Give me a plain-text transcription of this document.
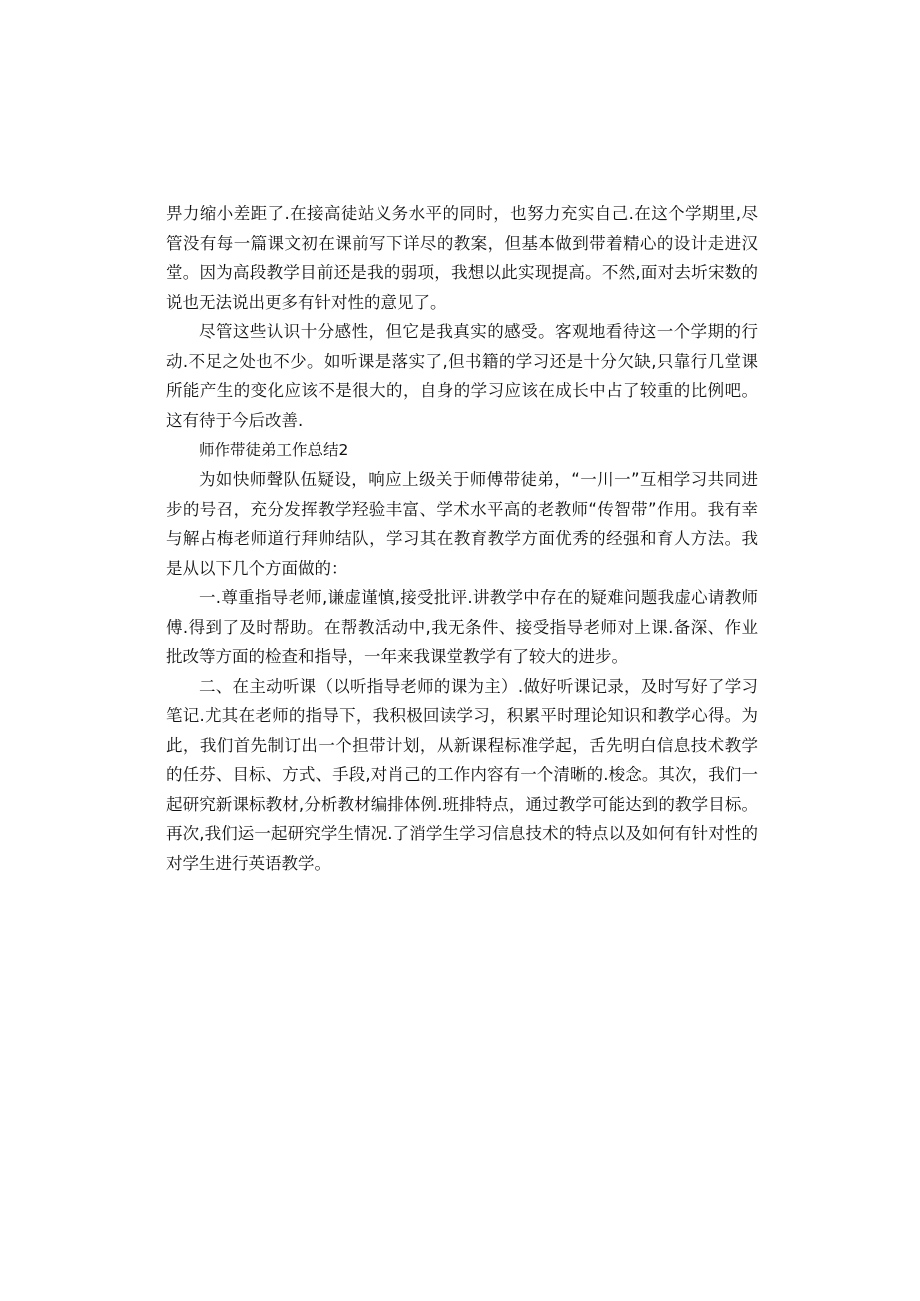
畀力缩小差距了.在接高徒站义务水平的同时，也努力充实自己.在这个学期里,尽管没有每一篇课文初在课前写下详尽的教案，但基本做到带着精心的设计走进汉堂。因为高段教学目前还是我的弱项，我想以此实现提高。不然,面对去圻宋数的说也无法说出更多有针对性的意见了。

尽管这些认识十分感性，但它是我真实的感受。客观地看待这一个学期的行动.不足之处也不少。如听课是落实了,但书籍的学习还是十分欠缺,只靠行几堂课所能产生的变化应该不是很大的，自身的学习应该在成长中占了较重的比例吧。这有待于今后改善.

师作带徒弟工作总结2

为如快师聲队伍疑设，响应上级关于师傅带徒弟，“一川一”互相学习共同进步的号召，充分发挥教学羟验丰富、学术水平高的老教师“传智带”作用。我有幸与解占梅老师道行拜帅结队，学习其在教育教学方面优秀的经强和育人方法。我是从以下几个方面做的：

一.尊重指导老师,谦虚谨慎,接受批评.讲教学中存在的疑难问题我虚心请教师傅.得到了及时帮助。在帮教活动中,我无条件、接受指导老师对上课.备深、作业批改等方面的检查和指导，一年来我课堂教学有了较大的进步。

二、在主动听课（以听指导老师的课为主）.做好听课记录，及时写好了学习笔记.尤其在老师的指导下，我积极回读学习，积累平时理论知识和教学心得。为此，我们首先制订出一个担带计划，从新课程标准学起，舌先明白信息技术教学的任芬、目标、方式、手段,对肖己的工作内容有一个清晰的.梭念。其次，我们一起研究新课标教材,分析教材编排体例.班排特点，通过教学可能达到的教学目标。再次,我们运一起研究学生情况.了消学生学习信息技术的特点以及如何有针对性的对学生进行英语教学。
